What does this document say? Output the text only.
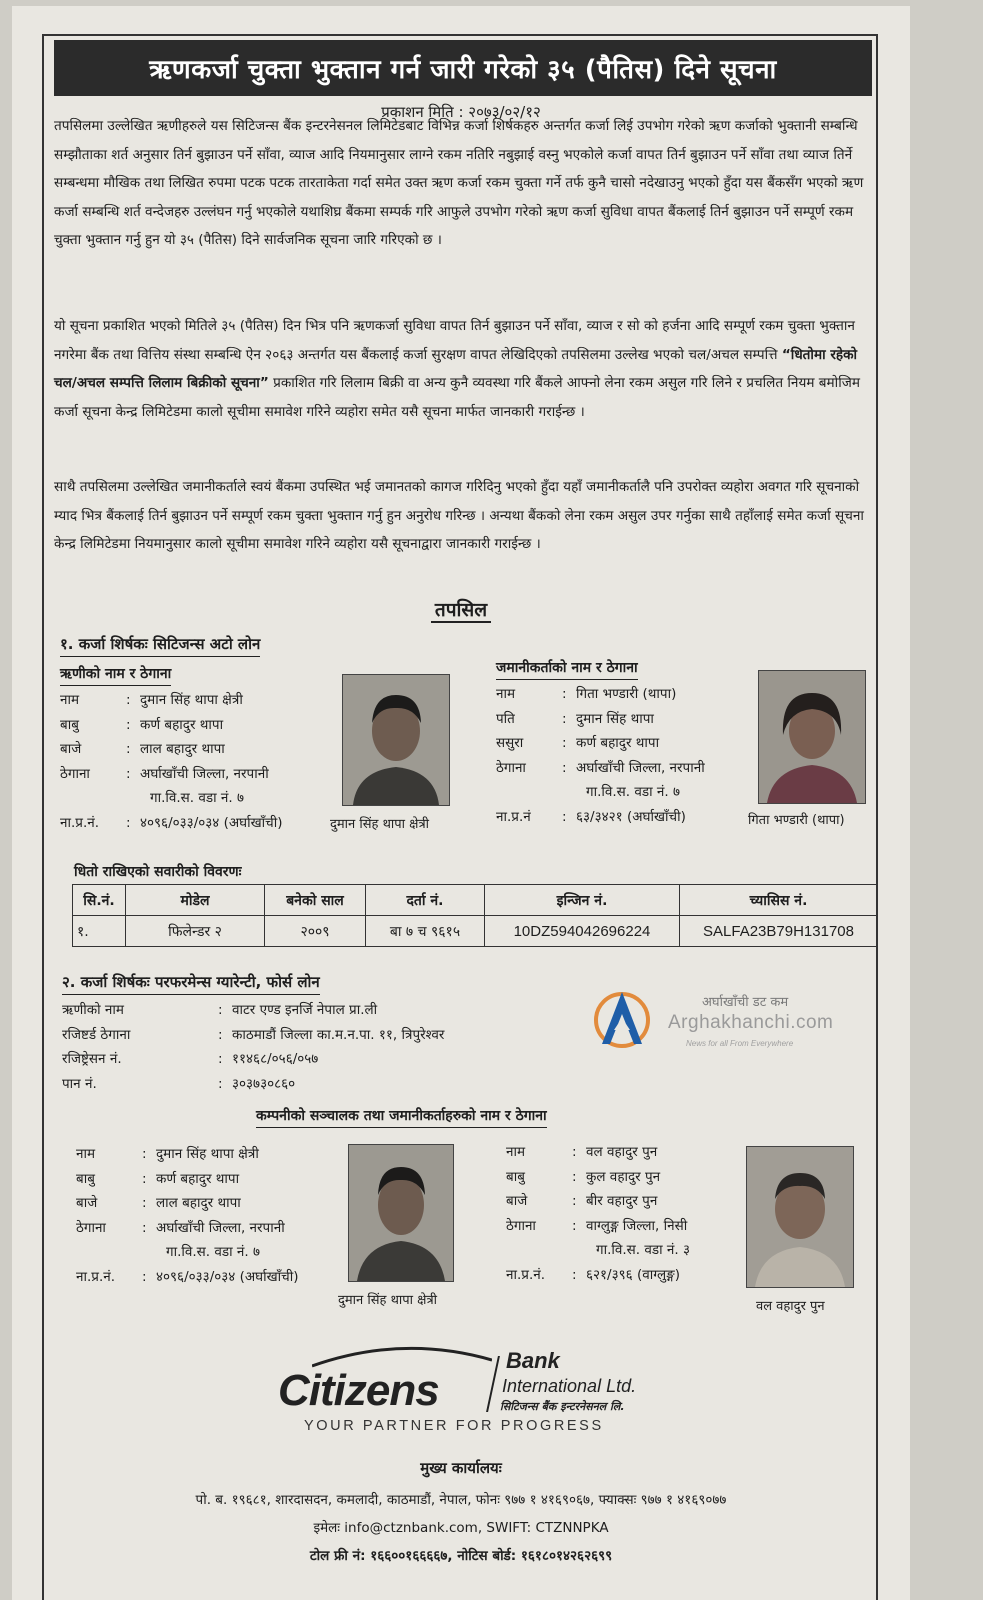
ऋणकर्जा चुक्ता भुक्तान गर्न जारी गरेको ३५ (पैतिस) दिने सूचना
प्रकाशन मिति : २०७३/०२/१२

तपसिलमा उल्लेखित ऋणीहरुले यस सिटिजन्स बैंक इन्टरनेसनल लिमिटेडबाट विभिन्न कर्जा शिर्षकहरु अन्तर्गत कर्जा लिई उपभोग गरेको ऋण कर्जाको भुक्तानी सम्बन्धि सम्झौताका शर्त अनुसार तिर्न बुझाउन पर्ने साँवा, व्याज आदि नियमानुसार लाग्ने रकम नतिरि नबुझाई वस्नु भएकोले कर्जा वापत तिर्न बुझाउन पर्ने साँवा तथा व्याज तिर्ने सम्बन्धमा मौखिक तथा लिखित रुपमा पटक पटक तारताकेता गर्दा समेत उक्त ऋण कर्जा रकम चुक्ता गर्ने तर्फ कुनै चासो नदेखाउनु भएको हुँदा यस बैंकसँग भएको ऋण कर्जा सम्बन्धि शर्त वन्देजहरु उल्लंघन गर्नु भएकोले यथाशिघ्र बैंकमा सम्पर्क गरि आफुले उपभोग गरेको ऋण कर्जा सुविधा वापत बैंकलाई तिर्न बुझाउन पर्ने सम्पूर्ण रकम चुक्ता भुक्तान गर्नु हुन यो ३५ (पैतिस) दिने सार्वजनिक सूचना जारि गरिएको छ ।

यो सूचना प्रकाशित भएको मितिले ३५ (पैतिस) दिन भित्र पनि ऋणकर्जा सुविधा वापत तिर्न बुझाउन पर्ने साँवा, व्याज र सो को हर्जना आदि सम्पूर्ण रकम चुक्ता भुक्तान नगरेमा बैंक तथा वित्तिय संस्था सम्बन्धि ऐन २०६३ अन्तर्गत यस बैंकलाई कर्जा सुरक्षण वापत लेखिदिएको तपसिलमा उल्लेख भएको चल/अचल सम्पत्ति “धितोमा रहेको चल/अचल सम्पत्ति लिलाम बिक्रीको सूचना” प्रकाशित गरि लिलाम बिक्री वा अन्य कुनै व्यवस्था गरि बैंकले आफ्नो लेना रकम असुल गरि लिने र प्रचलित नियम बमोजिम कर्जा सूचना केन्द्र लिमिटेडमा कालो सूचीमा समावेश गरिने व्यहोरा समेत यसै सूचना मार्फत जानकारी गराईन्छ ।

साथै तपसिलमा उल्लेखित जमानीकर्ताले स्वयं बैंकमा उपस्थित भई जमानतको कागज गरिदिनु भएको हुँदा यहाँ जमानीकर्तालै पनि उपरोक्त व्यहोरा अवगत गरि सूचनाको म्याद भित्र बैंकलाई तिर्न बुझाउन पर्ने सम्पूर्ण रकम चुक्ता भुक्तान गर्नु हुन अनुरोध गरिन्छ । अन्यथा बैंकको लेना रकम असुल उपर गर्नुका साथै तहाँलाई समेत कर्जा सूचना केन्द्र लिमिटेडमा नियमानुसार कालो सूचीमा समावेश गरिने व्यहोरा यसै सूचनाद्वारा जानकारी गराईन्छ ।

तपसिल
१. कर्जा शिर्षकः सिटिजन्स अटो लोन
ऋणीको नाम र ठेगाना
नाम	: दुमान सिंह थापा क्षेत्री
बाबु	: कर्ण बहादुर थापा
बाजे	: लाल बहादुर थापा
ठेगाना	: अर्घाखाँची जिल्ला, नरपानी
गा.वि.स. वडा नं. ७
ना.प्र.नं.	: ४०९६/०३३/०३४ (अर्घाखाँची)	दुमान सिंह थापा क्षेत्री
जमानीकर्ताको नाम र ठेगाना
नाम	: गिता भण्डारी (थापा)
पति	: दुमान सिंह थापा
ससुरा	: कर्ण बहादुर थापा
ठेगाना	: अर्घाखाँची जिल्ला, नरपानी
गा.वि.स. वडा नं. ७
ना.प्र.नं	: ६३/३४२१ (अर्घाखाँची)	गिता भण्डारी (थापा)
धितो राखिएको सवारीको विवरणः
सि.नं.	मोडेल	बनेको साल	दर्ता नं.	इन्जिन नं.	च्यासिस नं.
१.	फिलेन्डर २	२००९	बा ७ च ९६१५	10DZ594042696224	SALFA23B79H131708
२. कर्जा शिर्षकः परफरमेन्स ग्यारेन्टी, फोर्स लोन
ऋणीको नाम	: वाटर एण्ड इनर्जि नेपाल प्रा.ली
रजिष्टर्ड ठेगाना	: काठमाडौं जिल्ला का.म.न.पा. ११, त्रिपुरेश्वर
रजिष्ट्रेसन नं.	: ११४६८/०५६/०५७
पान नं.	: ३०३७३०८६०
अर्घाखाँची डट कम
Arghakhanchi.com
News for all From Everywhere
कम्पनीको सञ्चालक तथा जमानीकर्ताहरुको नाम र ठेगाना
नाम	: दुमान सिंह थापा क्षेत्री
बाबु	: कर्ण बहादुर थापा
बाजे	: लाल बहादुर थापा
ठेगाना	: अर्घाखाँची जिल्ला, नरपानी
गा.वि.स. वडा नं. ७
ना.प्र.नं.	: ४०९६/०३३/०३४ (अर्घाखाँची)
दुमान सिंह थापा क्षेत्री
नाम	: वल वहादुर पुन
बाबु	: कुल वहादुर पुन
बाजे	: बीर वहादुर पुन
ठेगाना	: वाग्लुङ्ग जिल्ला, निसी
गा.वि.स. वडा नं. ३
ना.प्र.नं.	: ६२१/३९६ (वाग्लुङ्ग)
वल वहादुर पुन
Citizens
Bank
International Ltd.
सिटिजन्स बैंक इन्टरनेसनल लि.
YOUR PARTNER FOR PROGRESS
मुख्य कार्यालयः
पो. ब. १९६८१, शारदासदन, कमलादी, काठमाडौं, नेपाल, फोनः ९७७ १ ४१६९०६७, फ्याक्सः ९७७ १ ४१६९०७७
इमेलः info@ctznbank.com, SWIFT: CTZNNPKA
टोल फ्री नं: १६६००१६६६६७, नोटिस बोर्ड: १६१८०१४२६२६९९
